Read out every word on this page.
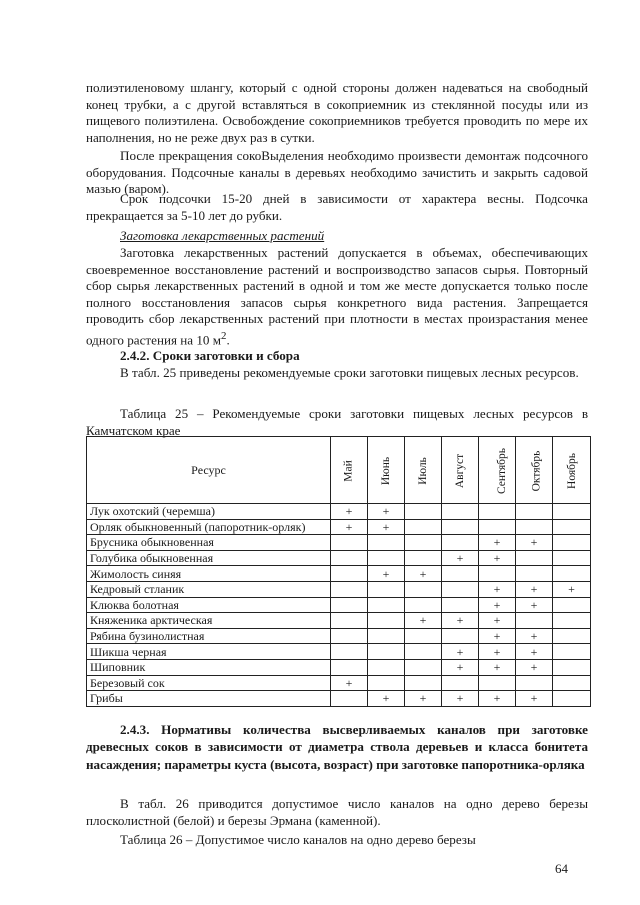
полиэтиленовому шлангу, который с одной стороны должен надеваться на свободный конец трубки, а с другой вставляться в сокоприемник из стеклянной посуды или из пищевого полиэтилена. Освобождение сокоприемников требуется проводить по мере их наполнения, но не реже двух раз в сутки.

После прекращения сокоВыделения необходимо произвести демонтаж подсочного оборудования. Подсочные каналы в деревьях необходимо зачистить и закрыть садовой мазью (варом).

Срок подсочки 15-20 дней в зависимости от характера весны. Подсочка прекращается за 5-10 лет до рубки.

Заготовка лекарственных растений

Заготовка лекарственных растений допускается в объемах, обеспечивающих своевременное восстановление растений и воспроизводство запасов сырья. Повторный сбор сырья лекарственных растений в одной и том же месте допускается только после полного восстановления запасов сырья конкретного вида растения. Запрещается проводить сбор лекарственных растений при плотности в местах произрастания менее одного растения на 10 $м^2$.

2.4.2. Сроки заготовки и сбора

В табл. 25 приведены рекомендуемые сроки заготовки пищевых лесных ресурсов.

Таблица 25 – Рекомендуемые сроки заготовки пищевых лесных ресурсов в Камчатском крае

Ресурс	Май	Июнь	Июль	Август	Сентябрь	Октябрь	Ноябрь
Лук охотский (черемша)	+	+					
Орляк обыкновенный (папоротник-орляк)	+	+					
Брусника обыкновенная					+	+	
Голубика обыкновенная				+	+		
Жимолость синяя		+	+				
Кедровый стланик					+	+	+
Клюква болотная					+	+	
Княженика арктическая			+	+	+		
Рябина бузинолистная					+	+	
Шикша черная				+	+	+	
Шиповник				+	+	+	
Березовый сок	+						
Грибы		+	+	+	+	+	

2.4.3. Нормативы количества высверливаемых каналов при заготовке древесных соков в зависимости от диаметра ствола деревьев и класса бонитета насаждения; параметры куста (высота, возраст) при заготовке папоротника-орляка

В табл. 26 приводится допустимое число каналов на одно дерево березы плосколистной (белой) и березы Эрмана (каменной).

Таблица 26 – Допустимое число каналов на одно дерево березы

64
